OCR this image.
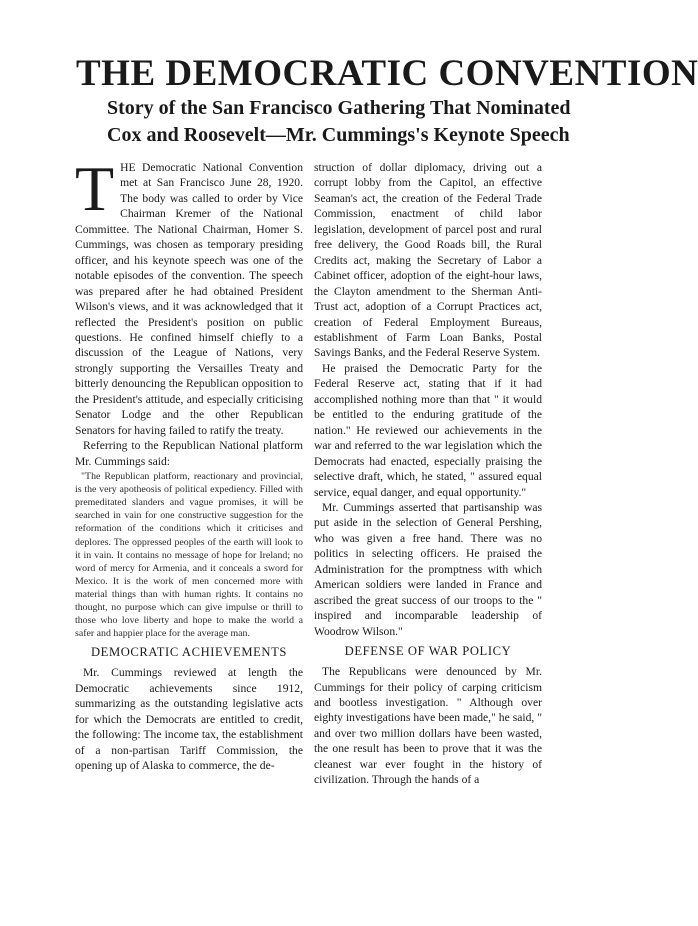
THE DEMOCRATIC CONVENTION
Story of the San Francisco Gathering That Nominated
Cox and Roosevelt—Mr. Cummings's Keynote Speech

THE Democratic National Convention met at San Francisco June 28, 1920. The body was called to order by Vice Chairman Kremer of the National Committee. The National Chairman, Homer S. Cummings, was chosen as temporary presiding officer, and his keynote speech was one of the notable episodes of the convention. The speech was prepared after he had obtained President Wilson's views, and it was acknowledged that it reflected the President's position on public questions. He confined himself chiefly to a discussion of the League of Nations, very strongly supporting the Versailles Treaty and bitterly denouncing the Republican opposition to the President's attitude, and especially criticising Senator Lodge and the other Republican Senators for having failed to ratify the treaty.

Referring to the Republican National platform Mr. Cummings said:

"The Republican platform, reactionary and provincial, is the very apotheosis of political expediency. Filled with premeditated slanders and vague promises, it will be searched in vain for one constructive suggestion for the reformation of the conditions which it criticises and deplores. The oppressed peoples of the earth will look to it in vain. It contains no message of hope for Ireland; no word of mercy for Armenia, and it conceals a sword for Mexico. It is the work of men concerned more with material things than with human rights. It contains no thought, no purpose which can give impulse or thrill to those who love liberty and hope to make the world a safer and happier place for the average man.

DEMOCRATIC ACHIEVEMENTS

Mr. Cummings reviewed at length the Democratic achievements since 1912, summarizing as the outstanding legislative acts for which the Democrats are entitled to credit, the following: The income tax, the establishment of a non-partisan Tariff Commission, the opening up of Alaska to commerce, the de-

struction of dollar diplomacy, driving out a corrupt lobby from the Capitol, an effective Seaman's act, the creation of the Federal Trade Commission, enactment of child labor legislation, development of parcel post and rural free delivery, the Good Roads bill, the Rural Credits act, making the Secretary of Labor a Cabinet officer, adoption of the eight-hour laws, the Clayton amendment to the Sherman Anti-Trust act, adoption of a Corrupt Practices act, creation of Federal Employment Bureaus, establishment of Farm Loan Banks, Postal Savings Banks, and the Federal Reserve System.

He praised the Democratic Party for the Federal Reserve act, stating that if it had accomplished nothing more than that " it would be entitled to the enduring gratitude of the nation." He reviewed our achievements in the war and referred to the war legislation which the Democrats had enacted, especially praising the selective draft, which, he stated, " assured equal service, equal danger, and equal opportunity."

Mr. Cummings asserted that partisanship was put aside in the selection of General Pershing, who was given a free hand. There was no politics in selecting officers. He praised the Administration for the promptness with which American soldiers were landed in France and ascribed the great success of our troops to the " inspired and incomparable leadership of Woodrow Wilson."

DEFENSE OF WAR POLICY

The Republicans were denounced by Mr. Cummings for their policy of carping criticism and bootless investigation. " Although over eighty investigations have been made," he said, " and over two million dollars have been wasted, the one result has been to prove that it was the cleanest war ever fought in the history of civilization. Through the hands of a
